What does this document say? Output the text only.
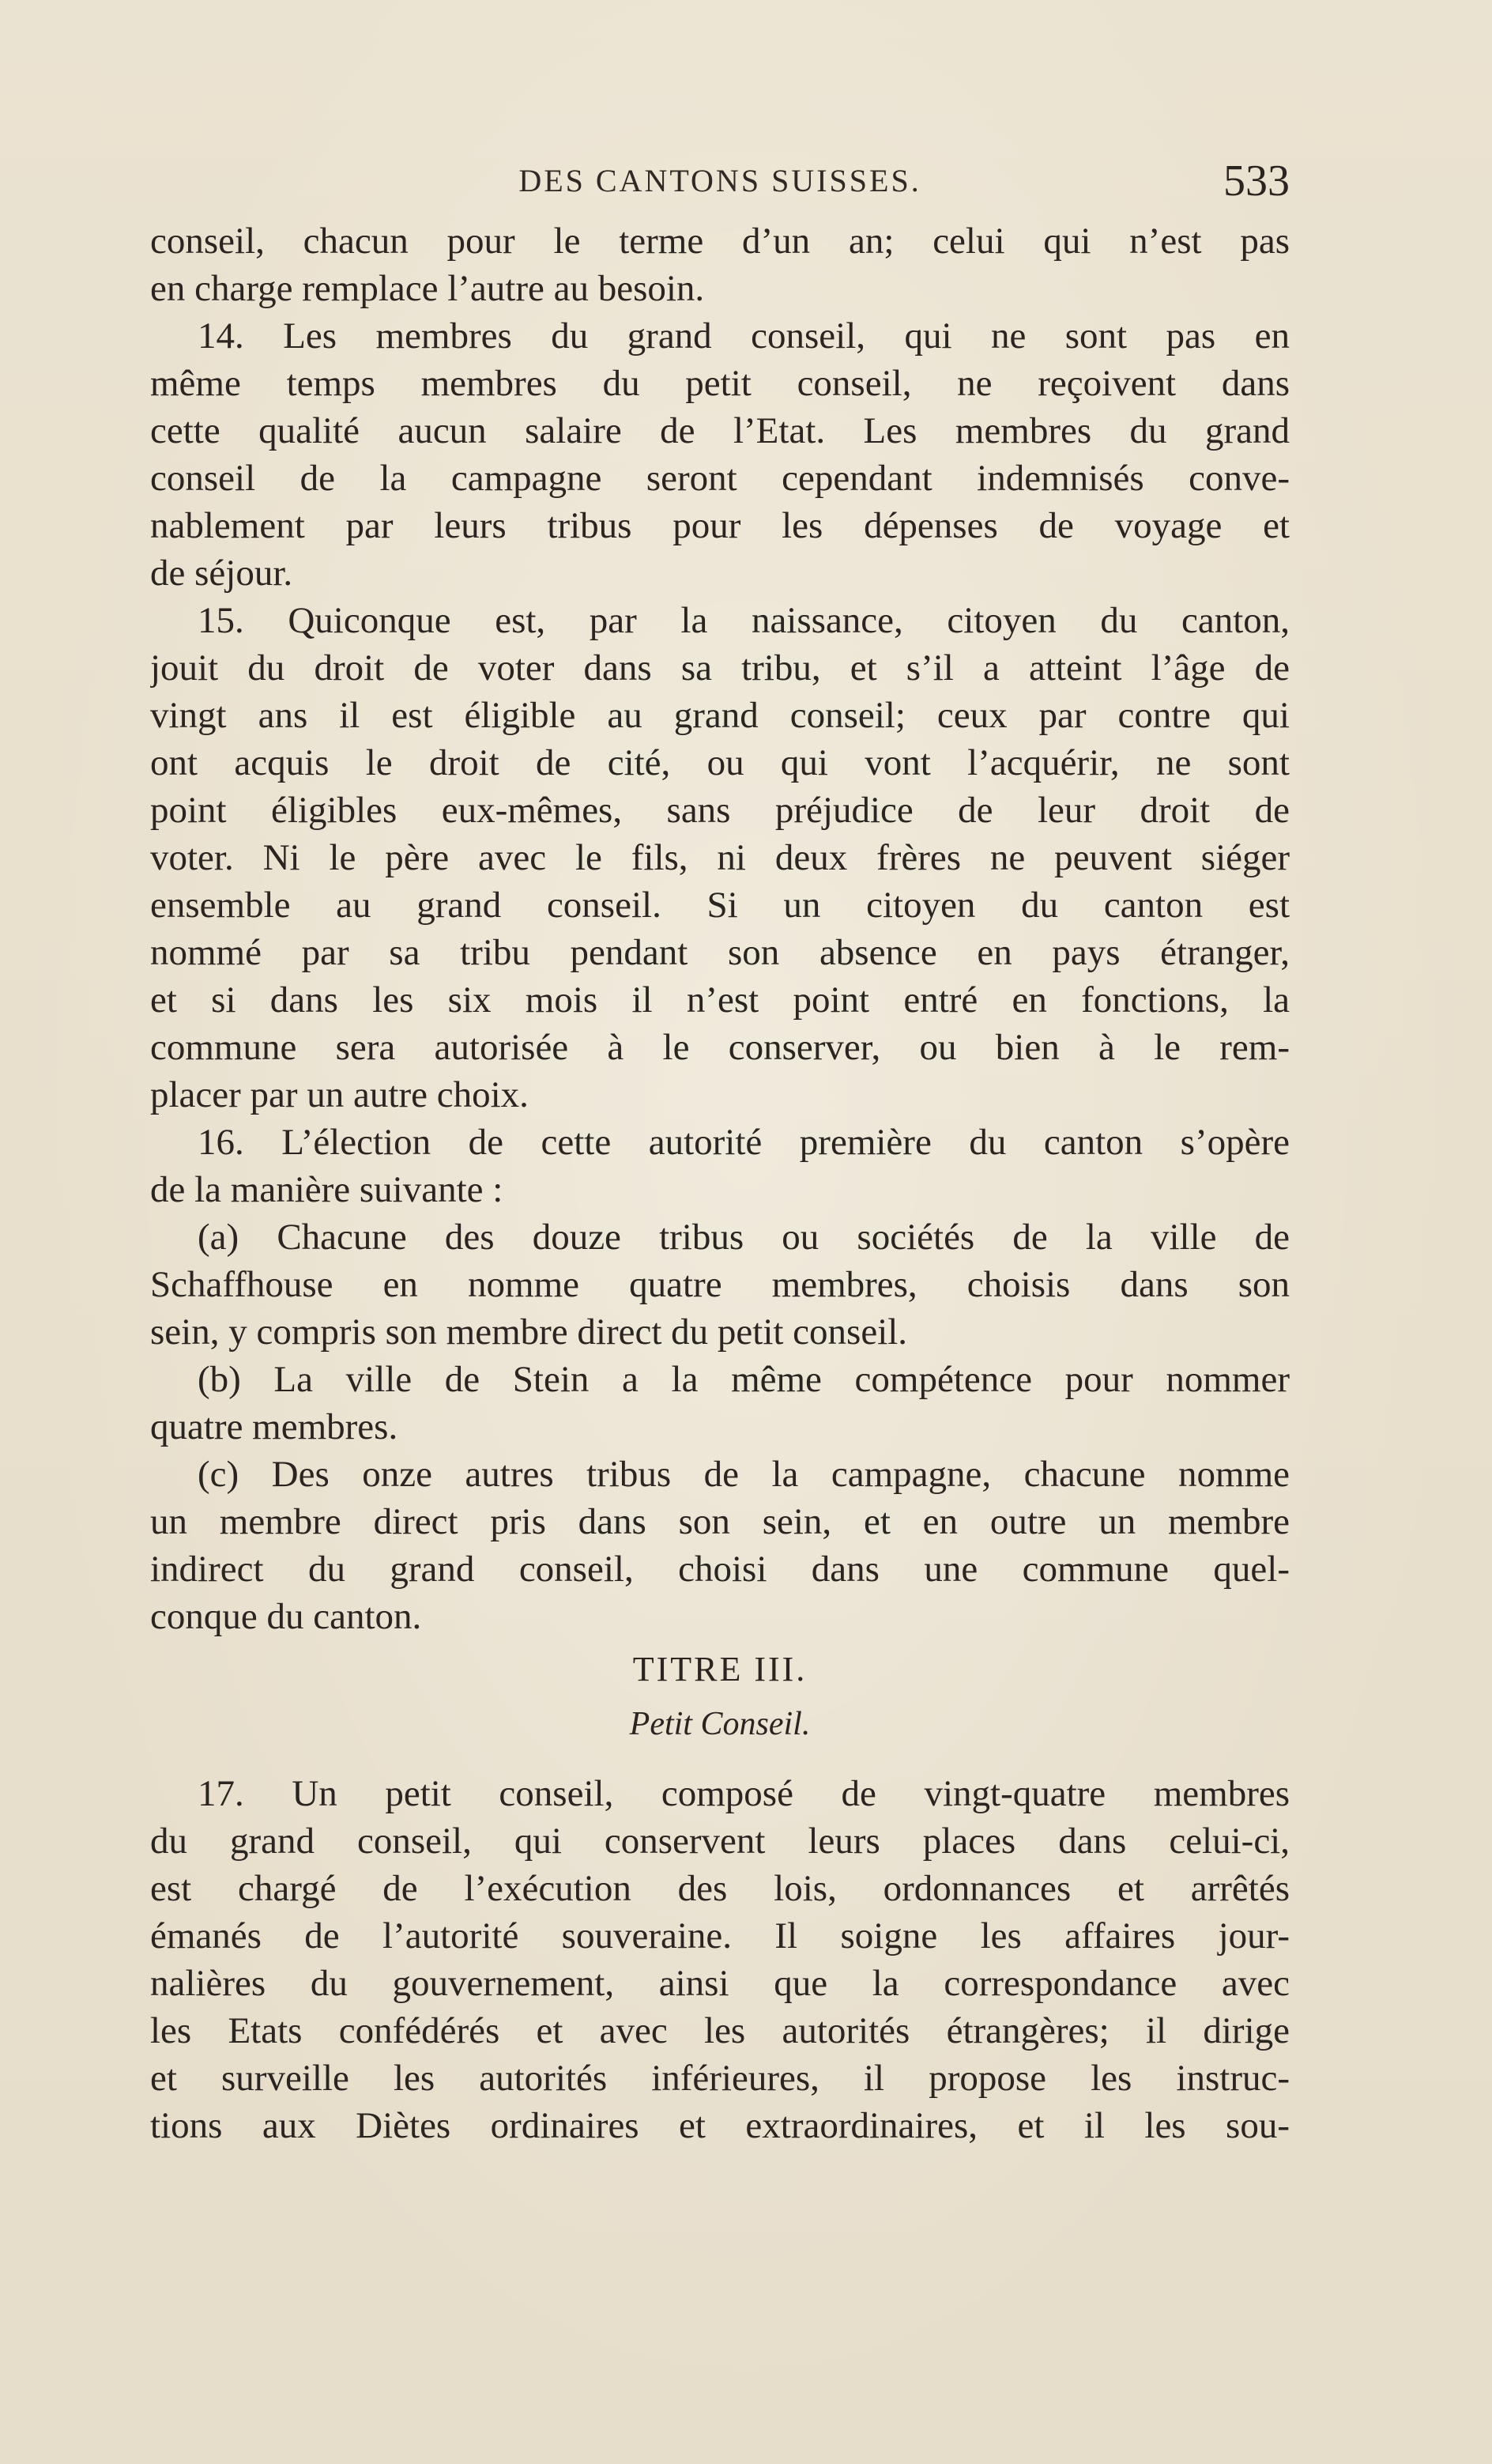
DES CANTONS SUISSES.	533
conseil, chacun pour le terme d’un an; celui qui n’est pas
en charge remplace l’autre au besoin.
14. Les membres du grand conseil, qui ne sont pas en
même temps membres du petit conseil, ne reçoivent dans
cette qualité aucun salaire de l’Etat. Les membres du grand
conseil de la campagne seront cependant indemnisés conve-
nablement par leurs tribus pour les dépenses de voyage et
de séjour.
15. Quiconque est, par la naissance, citoyen du canton,
jouit du droit de voter dans sa tribu, et s’il a atteint l’âge de
vingt ans il est éligible au grand conseil; ceux par contre qui
ont acquis le droit de cité, ou qui vont l’acquérir, ne sont
point éligibles eux-mêmes, sans préjudice de leur droit de
voter. Ni le père avec le fils, ni deux frères ne peuvent siéger
ensemble au grand conseil. Si un citoyen du canton est
nommé par sa tribu pendant son absence en pays étranger,
et si dans les six mois il n’est point entré en fonctions, la
commune sera autorisée à le conserver, ou bien à le rem-
placer par un autre choix.
16. L’élection de cette autorité première du canton s’opère
de la manière suivante :
(a) Chacune des douze tribus ou sociétés de la ville de
Schaffhouse en nomme quatre membres, choisis dans son
sein, y compris son membre direct du petit conseil.
(b) La ville de Stein a la même compétence pour nommer
quatre membres.
(c) Des onze autres tribus de la campagne, chacune nomme
un membre direct pris dans son sein, et en outre un membre
indirect du grand conseil, choisi dans une commune quel-
conque du canton.
TITRE III.
Petit Conseil.
17. Un petit conseil, composé de vingt-quatre membres
du grand conseil, qui conservent leurs places dans celui-ci,
est chargé de l’exécution des lois, ordonnances et arrêtés
émanés de l’autorité souveraine. Il soigne les affaires jour-
nalières du gouvernement, ainsi que la correspondance avec
les Etats confédérés et avec les autorités étrangères; il dirige
et surveille les autorités inférieures, il propose les instruc-
tions aux Diètes ordinaires et extraordinaires, et il les sou-
